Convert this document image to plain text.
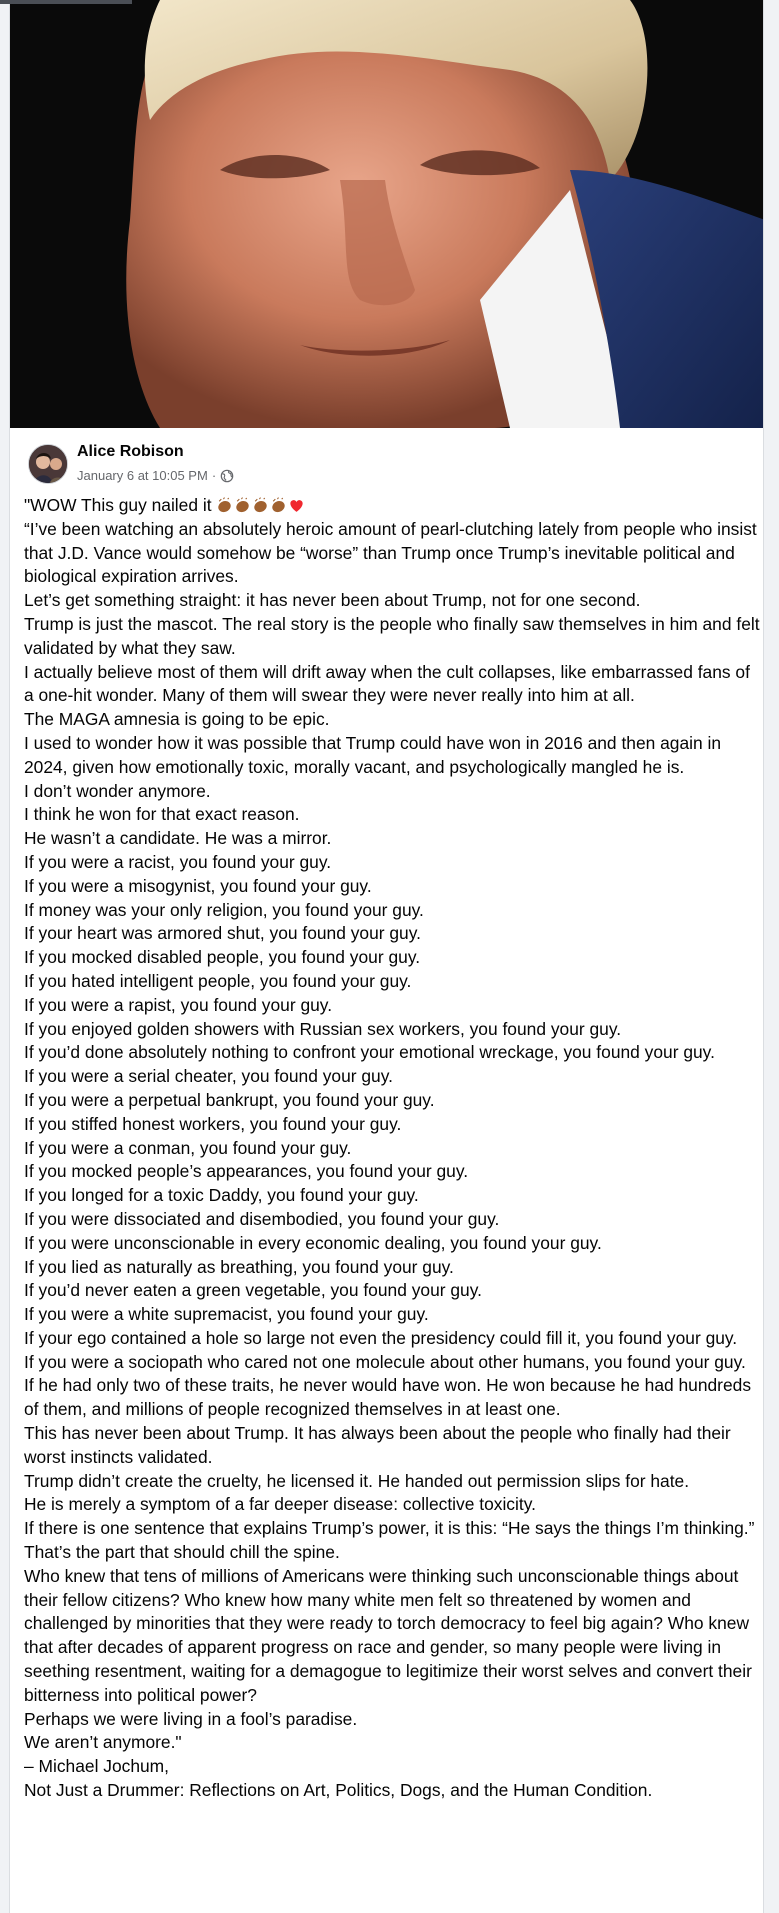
Alice Robison
January 6 at 10:05 PM ·

"WOW This guy nailed it

“I’ve been watching an absolutely heroic amount of pearl-clutching lately from people who insist that J.D. Vance would somehow be “worse” than Trump once Trump’s inevitable political and biological expiration arrives.

Let’s get something straight: it has never been about Trump, not for one second.

Trump is just the mascot. The real story is the people who finally saw themselves in him and felt validated by what they saw.

I actually believe most of them will drift away when the cult collapses, like embarrassed fans of a one-hit wonder. Many of them will swear they were never really into him at all.

The MAGA amnesia is going to be epic.

I used to wonder how it was possible that Trump could have won in 2016 and then again in 2024, given how emotionally toxic, morally vacant, and psychologically mangled he is.

I don’t wonder anymore.

I think he won for that exact reason.

He wasn’t a candidate. He was a mirror.

If you were a racist, you found your guy.

If you were a misogynist, you found your guy.

If money was your only religion, you found your guy.

If your heart was armored shut, you found your guy.

If you mocked disabled people, you found your guy.

If you hated intelligent people, you found your guy.

If you were a rapist, you found your guy.

If you enjoyed golden showers with Russian sex workers, you found your guy.

If you’d done absolutely nothing to confront your emotional wreckage, you found your guy.

If you were a serial cheater, you found your guy.

If you were a perpetual bankrupt, you found your guy.

If you stiffed honest workers, you found your guy.

If you were a conman, you found your guy.

If you mocked people’s appearances, you found your guy.

If you longed for a toxic Daddy, you found your guy.

If you were dissociated and disembodied, you found your guy.

If you were unconscionable in every economic dealing, you found your guy.

If you lied as naturally as breathing, you found your guy.

If you’d never eaten a green vegetable, you found your guy.

If you were a white supremacist, you found your guy.

If your ego contained a hole so large not even the presidency could fill it, you found your guy.

If you were a sociopath who cared not one molecule about other humans, you found your guy.

If he had only two of these traits, he never would have won. He won because he had hundreds of them, and millions of people recognized themselves in at least one.

This has never been about Trump. It has always been about the people who finally had their worst instincts validated.

Trump didn’t create the cruelty, he licensed it. He handed out permission slips for hate.

He is merely a symptom of a far deeper disease: collective toxicity.

If there is one sentence that explains Trump’s power, it is this: “He says the things I’m thinking.”

That’s the part that should chill the spine.

Who knew that tens of millions of Americans were thinking such unconscionable things about their fellow citizens? Who knew how many white men felt so threatened by women and challenged by minorities that they were ready to torch democracy to feel big again? Who knew that after decades of apparent progress on race and gender, so many people were living in seething resentment, waiting for a demagogue to legitimize their worst selves and convert their bitterness into political power?

Perhaps we were living in a fool’s paradise.

We aren’t anymore."

– Michael Jochum,

Not Just a Drummer: Reflections on Art, Politics, Dogs, and the Human Condition.
